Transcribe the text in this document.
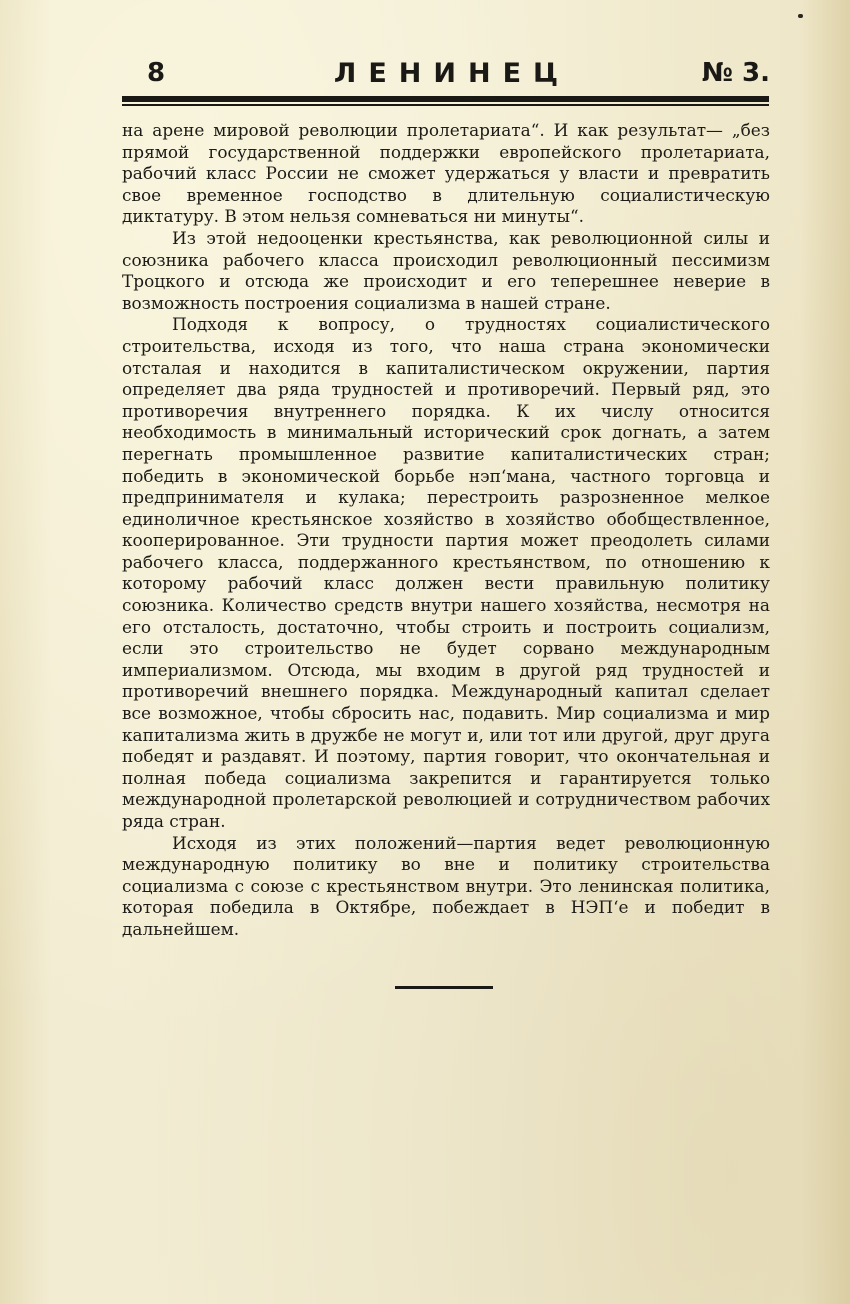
8	ЛЕНИНЕЦ	№ 3.

на арене мировой революции пролетариата“. И как результат— „без прямой государственной поддержки европейского пролетариата, рабочий класс России не сможет удержаться у власти и превратить свое временное господство в длительную социалистическую диктатуру. В этом нельзя сомневаться ни минуты“.

Из этой недооценки крестьянства, как революционной силы и союзника рабочего класса происходил революционный пессимизм Троцкого и отсюда же происходит и его теперешнее неверие в возможность построения социализма в нашей стране.

Подходя к вопросу, о трудностях социалистического строительства, исходя из того, что наша страна экономически отсталая и находится в капиталистическом окружении, партия определяет два ряда трудностей и противоречий. Первый ряд, это противоречия внутреннего порядка. К их числу относится необходимость в минимальный исторический срок догнать, а затем перегнать промышленное развитие капиталистических стран; победить в экономической борьбе нэп‘мана, частного торговца и предпринимателя и кулака; перестроить разрозненное мелкое единоличное крестьянское хозяйство в хозяйство обобществленное, кооперированное. Эти трудности партия может преодолеть силами рабочего класса, поддержанного крестьянством, по отношению к которому рабочий класс должен вести правильную политику союзника. Количество средств внутри нашего хозяйства, несмотря на его отсталость, достаточно, чтобы строить и построить социализм, если это строительство не будет сорвано международным империализмом. Отсюда, мы входим в другой ряд трудностей и противоречий внешнего порядка. Международный капитал сделает все возможное, чтобы сбросить нас, подавить. Мир социализма и мир капитализма жить в дружбе не могут и, или тот или другой, друг друга победят и раздавят. И поэтому, партия говорит, что окончательная и полная победа социализма закрепится и гарантируется только международной пролетарской революцией и сотрудничеством рабочих ряда стран.

Исходя из этих положений—партия ведет революционную международную политику во вне и политику строительства социализма с союзе с крестьянством внутри. Это ленинская политика, которая победила в Октябре, побеждает в НЭП‘е и победит в дальнейшем.
